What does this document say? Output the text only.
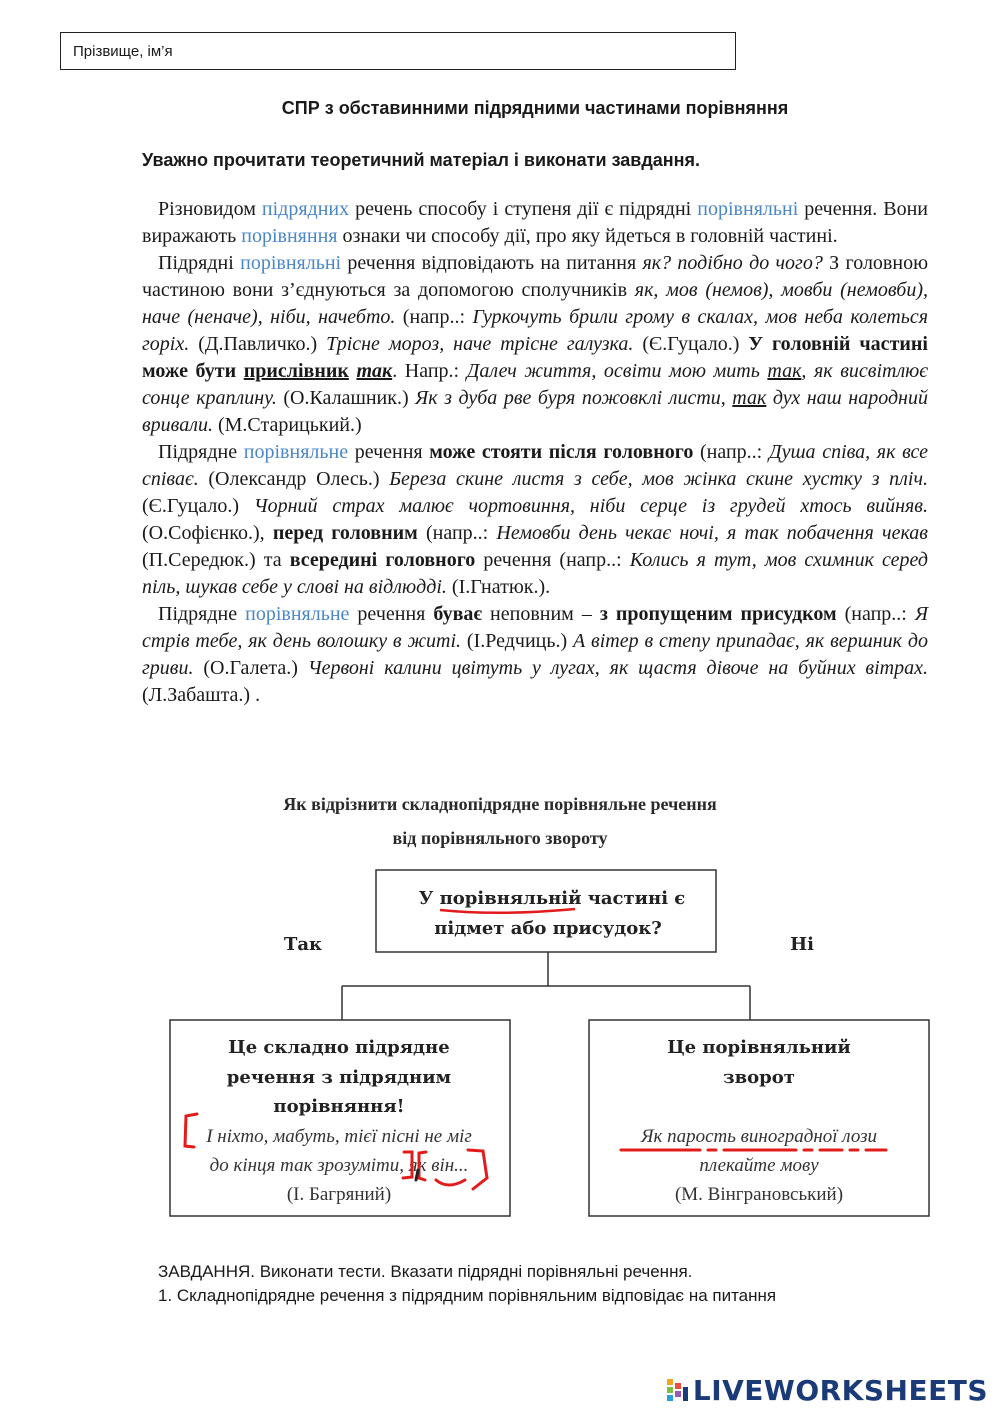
Прізвище, ім’я
СПР з обставинними підрядними частинами порівняння
Уважно прочитати теоретичний матеріал і виконати завдання.

Різновидом підрядних речень способу і ступеня дії є підрядні порівняльні речення. Вони виражають порівняння ознаки чи способу дії, про яку йдеться в головній частині.

Підрядні порівняльні речення відповідають на питання як? подібно до чого? З головною частиною вони з’єднуються за допомогою сполучників як, мов (немов), мовби (немовби), наче (неначе), ніби, начебто. (напр..: Гуркочуть брили грому в скалах, мов неба колеться горіх. (Д.Павличко.) Трісне мороз, наче трісне галузка. (Є.Гуцало.) У головній частині може бути прислівник так. Напр.: Далеч життя, освіти мою мить так, як висвітлює сонце краплину. (О.Калашник.) Як з дуба рве буря пожовклі листи, так дух наш народний вривали. (М.Старицький.)

Підрядне порівняльне речення може стояти після головного (напр..: Душа співа, як все співає. (Олександр Олесь.) Береза скине листя з себе, мов жінка скине хустку з пліч. (Є.Гуцало.) Чорний страх малює чортовиння, ніби серце із грудей хтось вийняв. (О.Софієнко.), перед головним (напр..: Немовби день чекає ночі, я так побачення чекав (П.Середюк.) та всередині головного речення (напр..: Колись я тут, мов схимник серед піль, шукав себе у слові на відлюдді. (І.Гнатюк.).

Підрядне порівняльне речення буває неповним – з пропущеним присудком (напр..: Я стрів тебе, як день волошку в житі. (І.Редчиць.) А вітер в степу припадає, як вершник до гриви. (О.Галета.) Червоні калини цвітуть у лугах, як щастя дівоче на буйних вітрах. (Л.Забашта.) .

Як відрізнити складнопідрядне порівняльне речення
від порівняльного звороту
У порівняльній частині є
підмет або присудок?
Так	Ні
Це складно підрядне
речення з підрядним
порівняння!
І ніхто, мабуть, тієї пісні не міг
до кінця так зрозуміти, як він...
(І. Багряний)
Це порівняльний
зворот
Як парость виноградної лози
плекайте мову
(М. Вінграновський)
ЗАВДАННЯ. Виконати тести. Вказати підрядні порівняльні речення.
1. Складнопідрядне речення з підрядним порівняльним відповідає на питання
LIVEWORKSHEETS
